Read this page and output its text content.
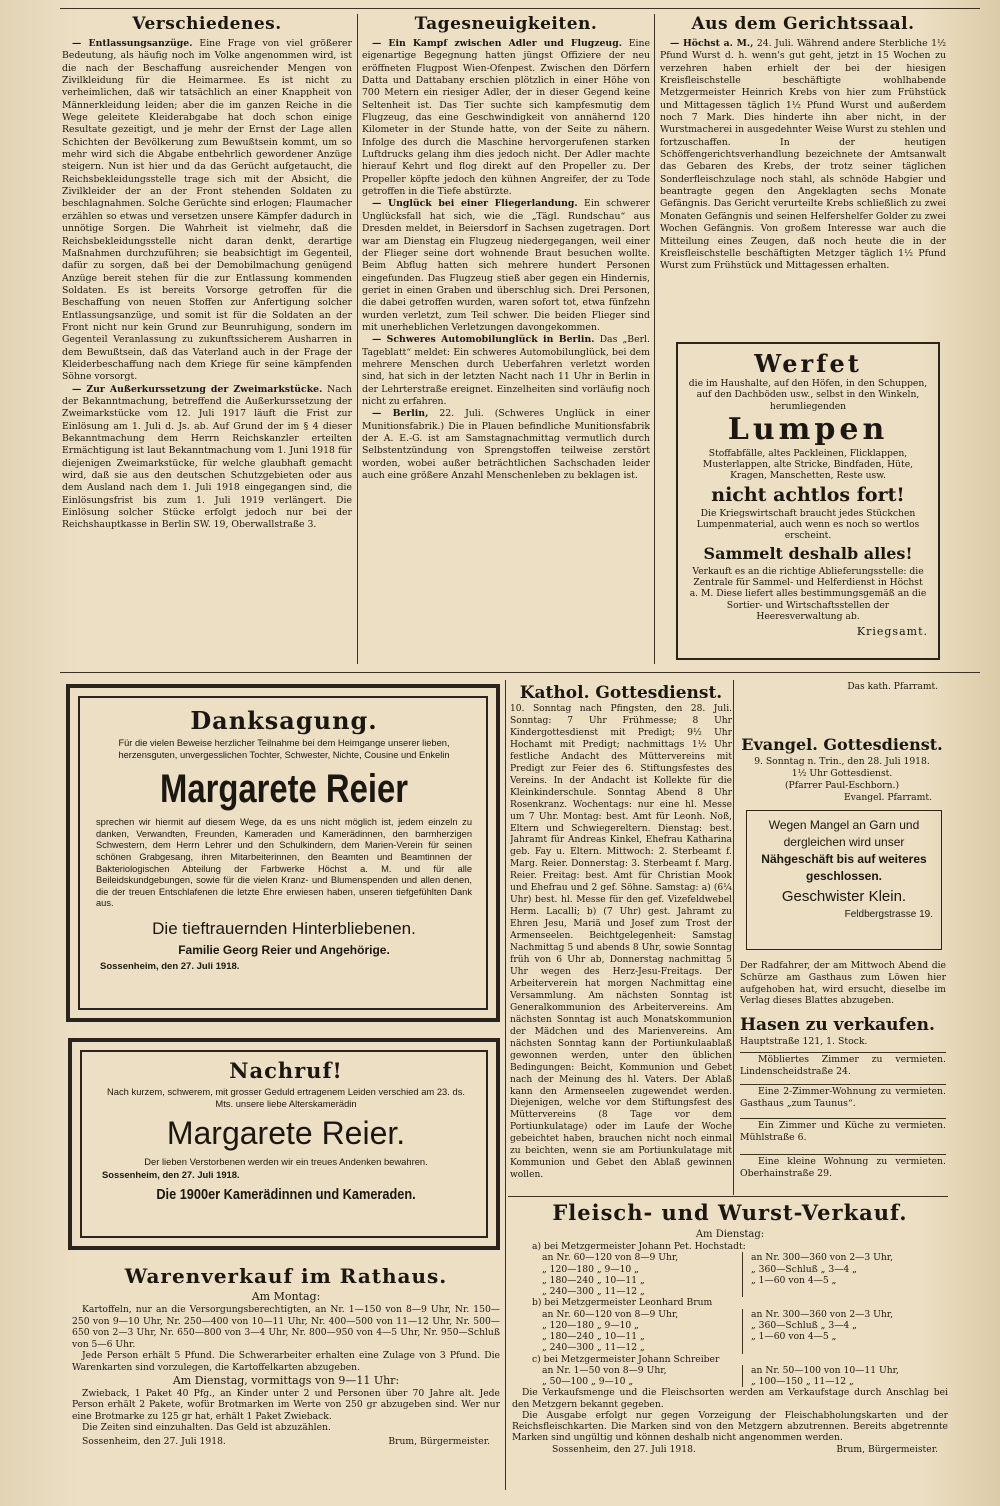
Verschiedenes.

— Entlassungsanzüge. Eine Frage von viel größerer Bedeutung, als häufig noch im Volke angenommen wird, ist die nach der Beschaffung ausreichender Mengen von Zivilkleidung für die Heimarmee. Es ist nicht zu verheimlichen, daß wir tatsächlich an einer Knappheit von Männerkleidung leiden; aber die im ganzen Reiche in die Wege geleitete Kleiderabgabe hat doch schon einige Resultate gezeitigt, und je mehr der Ernst der Lage allen Schichten der Bevölkerung zum Bewußtsein kommt, um so mehr wird sich die Abgabe entbehrlich gewordener Anzüge steigern. Nun ist hier und da das Gerücht aufgetaucht, die Reichsbekleidungsstelle trage sich mit der Absicht, die Zivilkleider der an der Front stehenden Soldaten zu beschlagnahmen. Solche Gerüchte sind erlogen; Flaumacher erzählen so etwas und versetzen unsere Kämpfer dadurch in unnötige Sorgen. Die Wahrheit ist vielmehr, daß die Reichsbekleidungsstelle nicht daran denkt, derartige Maßnahmen durchzuführen; sie beabsichtigt im Gegenteil, dafür zu sorgen, daß bei der Demobilmachung genügend Anzüge bereit stehen für die zur Entlassung kommenden Soldaten. Es ist bereits Vorsorge getroffen für die Beschaffung von neuen Stoffen zur Anfertigung solcher Entlassungsanzüge, und somit ist für die Soldaten an der Front nicht nur kein Grund zur Beunruhigung, sondern im Gegenteil Veranlassung zu zukunftssicherem Ausharren in dem Bewußtsein, daß das Vaterland auch in der Frage der Kleiderbeschaffung nach dem Kriege für seine kämpfenden Söhne vorsorgt.

— Zur Außerkurssetzung der Zweimarkstücke. Nach der Bekanntmachung, betreffend die Außerkurssetzung der Zweimarkstücke vom 12. Juli 1917 läuft die Frist zur Einlösung am 1. Juli d. Js. ab. Auf Grund der im § 4 dieser Bekanntmachung dem Herrn Reichskanzler erteilten Ermächtigung ist laut Bekanntmachung vom 1. Juni 1918 für diejenigen Zweimarkstücke, für welche glaubhaft gemacht wird, daß sie aus den deutschen Schutzgebieten oder aus dem Ausland nach dem 1. Juli 1918 eingegangen sind, die Einlösungsfrist bis zum 1. Juli 1919 verlängert. Die Einlösung solcher Stücke erfolgt jedoch nur bei der Reichshauptkasse in Berlin SW. 19, Oberwallstraße 3.

Tagesneuigkeiten.

— Ein Kampf zwischen Adler und Flugzeug. Eine eigenartige Begegnung hatten jüngst Offiziere der neu eröffneten Flugpost Wien-Ofenpest. Zwischen den Dörfern Datta und Dattabany erschien plötzlich in einer Höhe von 700 Metern ein riesiger Adler, der in dieser Gegend keine Seltenheit ist. Das Tier suchte sich kampfesmutig dem Flugzeug, das eine Geschwindigkeit von annähernd 120 Kilometer in der Stunde hatte, von der Seite zu nähern. Infolge des durch die Maschine hervorgerufenen starken Luftdrucks gelang ihm dies jedoch nicht. Der Adler machte hierauf Kehrt und flog direkt auf den Propeller zu. Der Propeller köpfte jedoch den kühnen Angreifer, der zu Tode getroffen in die Tiefe abstürzte.

— Unglück bei einer Fliegerlandung. Ein schwerer Unglücksfall hat sich, wie die „Tägl. Rundschau“ aus Dresden meldet, in Beiersdorf in Sachsen zugetragen. Dort war am Dienstag ein Flugzeug niedergegangen, weil einer der Flieger seine dort wohnende Braut besuchen wollte. Beim Abflug hatten sich mehrere hundert Personen eingefunden. Das Flugzeug stieß aber gegen ein Hindernis, geriet in einen Graben und überschlug sich. Drei Personen, die dabei getroffen wurden, waren sofort tot, etwa fünfzehn wurden verletzt, zum Teil schwer. Die beiden Flieger sind mit unerheblichen Verletzungen davongekommen.

— Schweres Automobilunglück in Berlin. Das „Berl. Tageblatt“ meldet: Ein schweres Automobilunglück, bei dem mehrere Menschen durch Ueberfahren verletzt worden sind, hat sich in der letzten Nacht nach 11 Uhr in Berlin in der Lehrterstraße ereignet. Einzelheiten sind vorläufig noch nicht zu erfahren.

— Berlin, 22. Juli. (Schweres Unglück in einer Munitionsfabrik.) Die in Plauen befindliche Munitionsfabrik der A. E.-G. ist am Samstagnachmittag vermutlich durch Selbstentzündung von Sprengstoffen teilweise zerstört worden, wobei außer beträchtlichen Sachschaden leider auch eine größere Anzahl Menschenleben zu beklagen ist.

Aus dem Gerichtssaal.

— Höchst a. M., 24. Juli. Während andere Sterbliche 1½ Pfund Wurst d. h. wenn's gut geht, jetzt in 15 Wochen zu verzehren haben erhielt der bei der hiesigen Kreisfleischstelle beschäftigte wohlhabende Metzgermeister Heinrich Krebs von hier zum Frühstück und Mittagessen täglich 1½ Pfund Wurst und außerdem noch 7 Mark. Dies hinderte ihn aber nicht, in der Wurstmacherei in ausgedehnter Weise Wurst zu stehlen und fortzuschaffen. In der heutigen Schöffengerichtsverhandlung bezeichnete der Amtsanwalt das Gebaren des Krebs, der trotz seiner täglichen Sonderfleischzulage noch stahl, als schnöde Habgier und beantragte gegen den Angeklagten sechs Monate Gefängnis. Das Gericht verurteilte Krebs schließlich zu zwei Monaten Gefängnis und seinen Helfershelfer Golder zu zwei Wochen Gefängnis. Von großem Interesse war auch die Mitteilung eines Zeugen, daß noch heute die in der Kreisfleischstelle beschäftigten Metzger täglich 1½ Pfund Wurst zum Frühstück und Mittagessen erhalten.

Werfet
die im Haushalte, auf den Höfen, in den Schuppen, auf den Dachböden usw., selbst in den Winkeln, herumliegenden
Lumpen
Stoffabfälle, altes Packleinen, Flicklappen, Musterlappen, alte Stricke, Bindfaden, Hüte, Kragen, Manschetten, Reste usw.
nicht achtlos fort!
Die Kriegswirtschaft braucht jedes Stückchen Lumpenmaterial, auch wenn es noch so wertlos erscheint.
Sammelt deshalb alles!
Verkauft es an die richtige Ablieferungsstelle: die Zentrale für Sammel- und Helferdienst in Höchst a. M. Diese liefert alles bestimmungsgemäß an die Sortier- und Wirtschaftsstellen der Heeresverwaltung ab.
Kriegsamt.
Danksagung.
Für die vielen Beweise herzlicher Teilnahme bei dem Heimgange unserer lieben, herzensguten, unvergesslichen Tochter, Schwester, Nichte, Cousine und Enkelin
Margarete Reier
sprechen wir hiermit auf diesem Wege, da es uns nicht möglich ist, jedem einzeln zu danken, Verwandten, Freunden, Kameraden und Kamerädinnen, den barmherzigen Schwestern, dem Herrn Lehrer und den Schulkindern, dem Marien-Verein für seinen schönen Grabgesang, ihren Mitarbeiterinnen, den Beamten und Beamtinnen der Bakteriologischen Abteilung der Farbwerke Höchst a. M. und für alle Beileidskundgebungen, sowie für die vielen Kranz- und Blumenspenden und allen denen, die der treuen Entschlafenen die letzte Ehre erwiesen haben, unseren tiefgefühlten Dank aus.
Die tieftrauernden Hinterbliebenen.
Familie Georg Reier und Angehörige.
Sossenheim, den 27. Juli 1918.
Nachruf!
Nach kurzem, schwerem, mit grosser Geduld ertragenem Leiden verschied am 23. ds. Mts. unsere liebe Alterskamerädin
Margarete Reier.
Der lieben Verstorbenen werden wir ein treues Andenken bewahren.
Sossenheim, den 27. Juli 1918.
Die 1900er Kamerädinnen und Kameraden.
Warenverkauf im Rathaus.
Am Montag:

Kartoffeln, nur an die Versorgungsberechtigten, an Nr. 1—150 von 8—9 Uhr, Nr. 150—250 von 9—10 Uhr, Nr. 250—400 von 10—11 Uhr, Nr. 400—500 von 11—12 Uhr, Nr. 500—650 von 2—3 Uhr, Nr. 650—800 von 3—4 Uhr, Nr. 800—950 von 4—5 Uhr, Nr. 950—Schluß von 5—6 Uhr.

Jede Person erhält 5 Pfund. Die Schwerarbeiter erhalten eine Zulage von 3 Pfund. Die Warenkarten sind vorzulegen, die Kartoffelkarten abzugeben.

Am Dienstag, vormittags von 9—11 Uhr:

Zwieback, 1 Paket 40 Pfg., an Kinder unter 2 und Personen über 70 Jahre alt. Jede Person erhält 2 Pakete, wofür Brotmarken im Werte von 250 gr abzugeben sind. Wer nur eine Brotmarke zu 125 gr hat, erhält 1 Paket Zwieback.

Die Zeiten sind einzuhalten. Das Geld ist abzuzählen.

Sossenheim, den 27. Juli 1918.	Brum, Bürgermeister.
Kathol. Gottesdienst.

10. Sonntag nach Pfingsten, den 28. Juli. Sonntag: 7 Uhr Frühmesse; 8 Uhr Kindergottesdienst mit Predigt; 9½ Uhr Hochamt mit Predigt; nachmittags 1½ Uhr festliche Andacht des Müttervereins mit Predigt zur Feier des 6. Stiftungsfestes des Vereins. In der Andacht ist Kollekte für die Kleinkinderschule. Sonntag Abend 8 Uhr Rosenkranz. Wochentags: nur eine hl. Messe um 7 Uhr. Montag: best. Amt für Leonh. Noß, Eltern und Schwiegereltern. Dienstag: best. Jahramt für Andreas Kinkel, Ehefrau Katharina geb. Fay u. Eltern. Mittwoch: 2. Sterbeamt f. Marg. Reier. Donnerstag: 3. Sterbeamt f. Marg. Reier. Freitag: best. Amt für Christian Mook und Ehefrau und 2 gef. Söhne. Samstag: a) (6¼ Uhr) best. hl. Messe für den gef. Vizefeldwebel Herm. Lacalli; b) (7 Uhr) gest. Jahramt zu Ehren Jesu, Mariä und Josef zum Trost der Armenseelen. Beichtgelegenheit: Samstag Nachmittag 5 und abends 8 Uhr, sowie Sonntag früh von 6 Uhr ab, Donnerstag nachmittag 5 Uhr wegen des Herz-Jesu-Freitags. Der Arbeiterverein hat morgen Nachmittag eine Versammlung. Am nächsten Sonntag ist Generalkommunion des Arbeitervereins. Am nächsten Sonntag ist auch Monatskommunion der Mädchen und des Marienvereins. Am nächsten Sonntag kann der Portiunkulaablaß gewonnen werden, unter den üblichen Bedingungen: Beicht, Kommunion und Gebet nach der Meinung des hl. Vaters. Der Ablaß kann den Armenseelen zugewendet werden. Diejenigen, welche vor dem Stiftungsfest des Müttervereins (8 Tage vor dem Portiunkulatage) oder im Laufe der Woche gebeichtet haben, brauchen nicht noch einmal zu beichten, wenn sie am Portiunkulatage mit Kommunion und Gebet den Ablaß gewinnen wollen.

Das kath. Pfarramt.
Evangel. Gottesdienst.
9. Sonntag n. Trin., den 28. Juli 1918.
1½ Uhr Gottesdienst.
(Pfarrer Paul-Eschborn.)
Evangel. Pfarramt.
Wegen Mangel an Garn und dergleichen wird unser
Nähgeschäft bis auf weiteres geschlossen.
Geschwister Klein.
Feldbergstrasse 19.

Der Radfahrer, der am Mittwoch Abend die Schürze am Gasthaus zum Löwen hier aufgehoben hat, wird ersucht, dieselbe im Verlag dieses Blattes abzugeben.

Hasen zu verkaufen.
Hauptstraße 121, 1. Stock.

Möbliertes Zimmer zu vermieten. Lindenscheidstraße 24.

Eine 2-Zimmer-Wohnung zu vermieten. Gasthaus „zum Taunus“.

Ein Zimmer und Küche zu vermieten. Mühlstraße 6.

Eine kleine Wohnung zu vermieten. Oberhainstraße 29.

Fleisch- und Wurst-Verkauf.
Am Dienstag:
a) bei Metzgermeister Johann Pet. Hochstadt:
an Nr. 60—120 von 8—9 Uhr,
„ 120—180 „ 9—10 „
„ 180—240 „ 10—11 „
„ 240—300 „ 11—12 „
an Nr. 300—360 von 2—3 Uhr,
„ 360—Schluß „ 3—4 „
„ 1—60 von 4—5 „
b) bei Metzgermeister Leonhard Brum
an Nr. 60—120 von 8—9 Uhr,
„ 120—180 „ 9—10 „
„ 180—240 „ 10—11 „
„ 240—300 „ 11—12 „
an Nr. 300—360 von 2—3 Uhr,
„ 360—Schluß „ 3—4 „
„ 1—60 von 4—5 „
c) bei Metzgermeister Johann Schreiber
an Nr. 1—50 von 8—9 Uhr,
„ 50—100 „ 9—10 „
an Nr. 50—100 von 10—11 Uhr,
„ 100—150 „ 11—12 „

Die Verkaufsmenge und die Fleischsorten werden am Verkaufstage durch Anschlag bei den Metzgern bekannt gegeben.

Die Ausgabe erfolgt nur gegen Vorzeigung der Fleischabholungskarten und der Reichsfleischkarten. Die Marken sind von den Metzgern abzutrennen. Bereits abgetrennte Marken sind ungültig und können deshalb nicht angenommen werden.

Sossenheim, den 27. Juli 1918.	Brum, Bürgermeister.
